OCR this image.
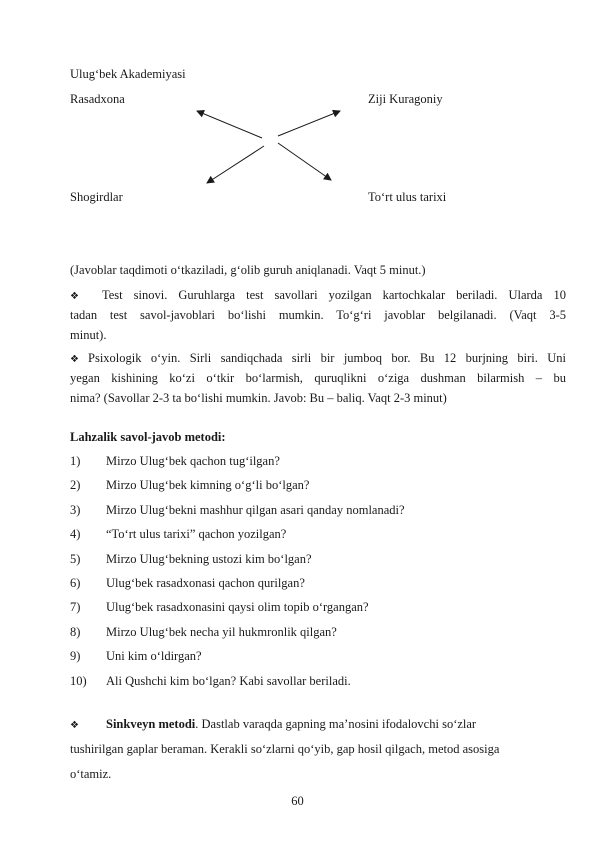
Ulug‘bek Akademiyasi
Rasadxona	Ziji Kuragoniy
Shogirdlar	To‘rt ulus tarixi
(Javoblar taqdimoti o‘tkaziladi, g‘olib guruh aniqlanadi. Vaqt 5 minut.)
❖ Test sinovi. Guruhlarga test savollari yozilgan kartochkalar beriladi. Ularda 10
tadan test savol-javoblari bo‘lishi mumkin. To‘g‘ri javoblar belgilanadi. (Vaqt 3-5
minut).
❖ Psixologik o‘yin. Sirli sandiqchada sirli bir jumboq bor. Bu 12 burjning biri. Uni
yegan kishining ko‘zi o‘tkir bo‘larmish, quruqlikni o‘ziga dushman bilarmish – bu
nima? (Savollar 2-3 ta bo‘lishi mumkin. Javob: Bu – baliq. Vaqt 2-3 minut)
Lahzalik savol-javob metodi:
1) Mirzo Ulug‘bek qachon tug‘ilgan?
2) Mirzo Ulug‘bek kimning o‘g‘li bo‘lgan?
3) Mirzo Ulug‘bekni mashhur qilgan asari qanday nomlanadi?
4) “To‘rt ulus tarixi” qachon yozilgan?
5) Mirzo Ulug‘bekning ustozi kim bo‘lgan?
6) Ulug‘bek rasadxonasi qachon qurilgan?
7) Ulug‘bek rasadxonasini qaysi olim topib o‘rgangan?
8) Mirzo Ulug‘bek necha yil hukmronlik qilgan?
9) Uni kim o‘ldirgan?
10) Ali Qushchi kim bo‘lgan? Kabi savollar beriladi.
❖ Sinkveyn metodi. Dastlab varaqda gapning ma’nosini ifodalovchi so‘zlar
tushirilgan gaplar beraman. Kerakli so‘zlarni qo‘yib, gap hosil qilgach, metod asosiga
o‘tamiz.
60
